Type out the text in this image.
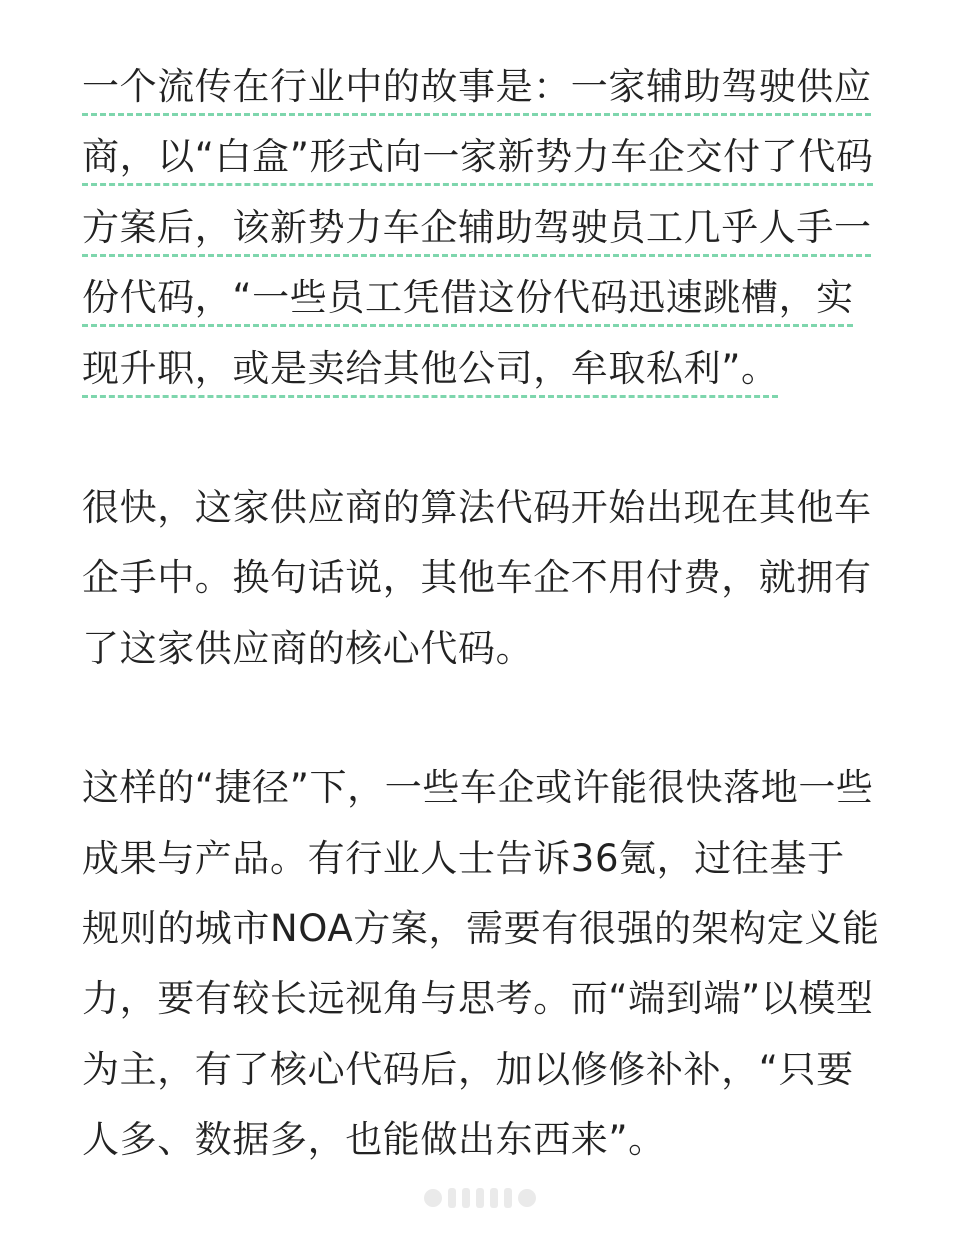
一个流传在行业中的故事是：一家辅助驾驶供应商，以“白盒”形式向一家新势力车企交付了代码方案后，该新势力车企辅助驾驶员工几乎人手一份代码，“一些员工凭借这份代码迅速跳槽，实现升职，或是卖给其他公司，牟取私利”。

很快，这家供应商的算法代码开始出现在其他车企手中。换句话说，其他车企不用付费，就拥有了这家供应商的核心代码。

这样的“捷径”下，一些车企或许能很快落地一些成果与产品。有行业人士告诉36氪，过往基于规则的城市NOA方案，需要有很强的架构定义能力，要有较长远视角与思考。而“端到端”以模型为主，有了核心代码后，加以修修补补，“只要人多、数据多，也能做出东西来”。
